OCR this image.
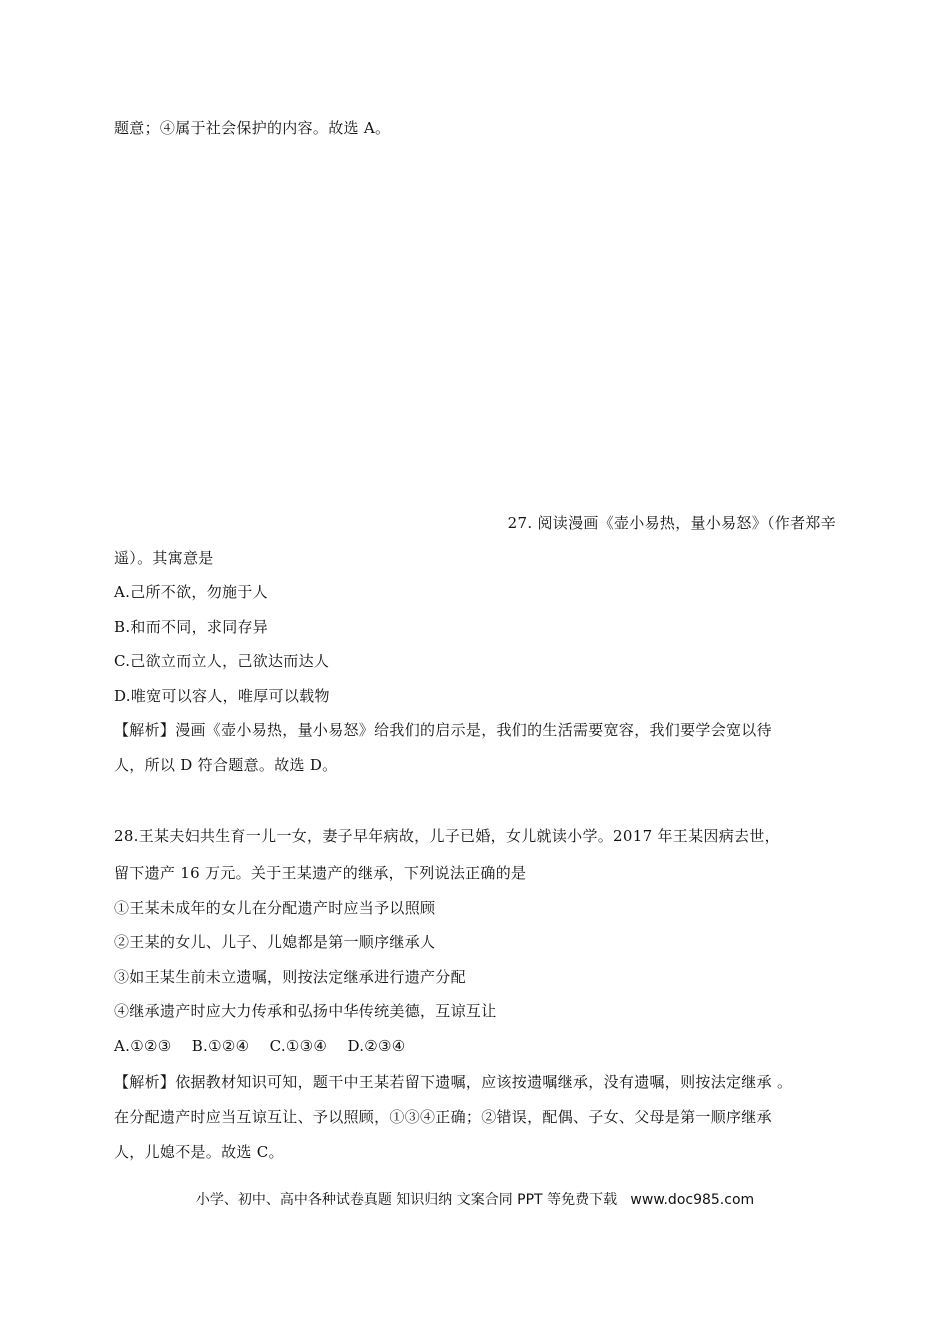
题意；④属于社会保护的内容。故选 A。
27. 阅读漫画《壶小易热，量小易怒》（作者郑辛
遥）。其寓意是
A.己所不欲，勿施于人
B.和而不同，求同存异
C.己欲立而立人，己欲达而达人
D.唯宽可以容人，唯厚可以载物
【解析】漫画《壶小易热，量小易怒》给我们的启示是，我们的生活需要宽容，我们要学会宽以待
人，所以 D 符合题意。故选 D。
28.王某夫妇共生育一儿一女，妻子早年病故，儿子已婚，女儿就读小学。2017 年王某因病去世，
留下遗产 16 万元。关于王某遗产的继承，下列说法正确的是
①王某未成年的女儿在分配遗产时应当予以照顾
②王某的女儿、儿子、儿媳都是第一顺序继承人
③如王某生前未立遗嘱，则按法定继承进行遗产分配
④继承遗产时应大力传承和弘扬中华传统美德，互谅互让
A.①②③    B.①②④    C.①③④    D.②③④
【解析】依据教材知识可知，题干中王某若留下遗嘱，应该按遗嘱继承，没有遗嘱，则按法定继承 。
在分配遗产时应当互谅互让、予以照顾，①③④正确；②错误，配偶、子女、父母是第一顺序继承
人，儿媳不是。故选 C。
小学、初中、高中各种试卷真题 知识归纳 文案合同 PPT 等免费下载   www.doc985.com
